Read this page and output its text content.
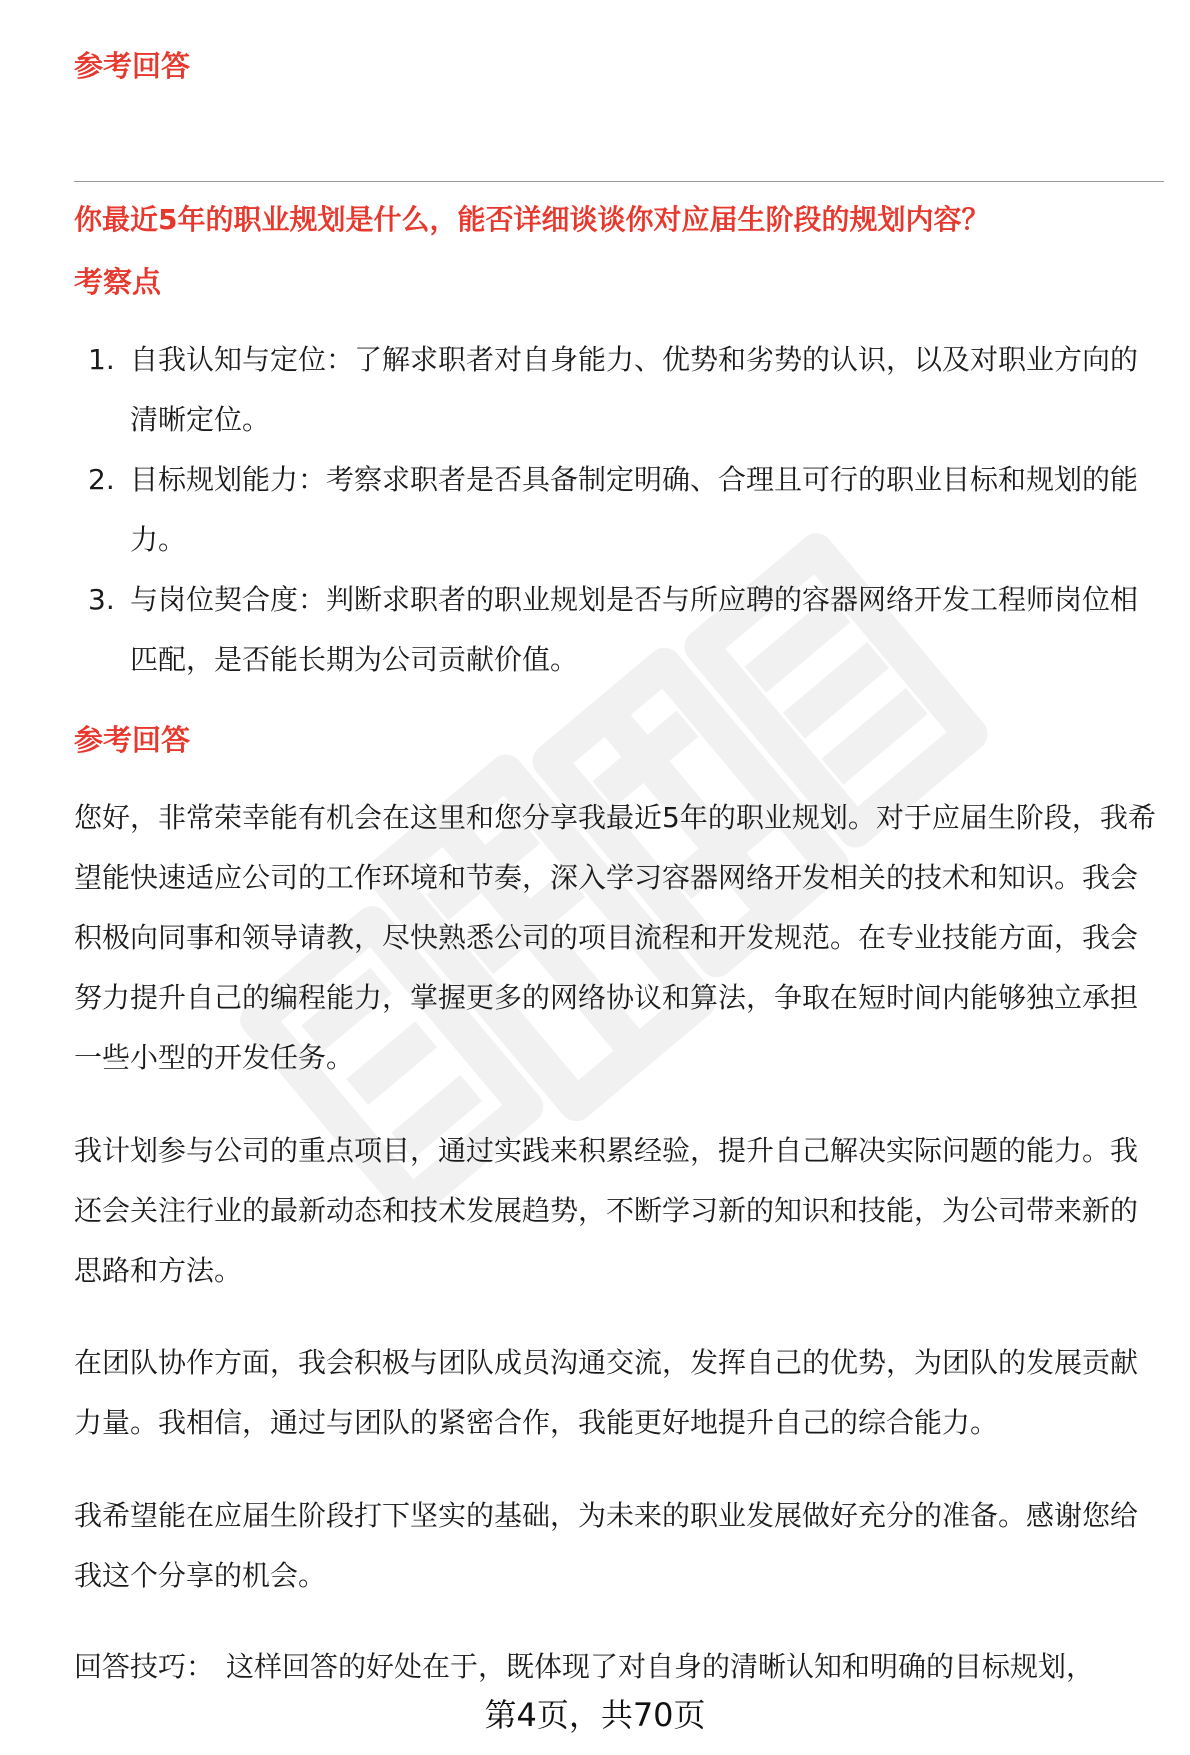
参考回答
你最近5年的职业规划是什么，能否详细谈谈你对应届生阶段的规划内容？
考察点
1. 自我认知与定位：了解求职者对自身能力、优势和劣势的认识，以及对职业方向的清晰定位。
2. 目标规划能力：考察求职者是否具备制定明确、合理且可行的职业目标和规划的能力。
3. 与岗位契合度：判断求职者的职业规划是否与所应聘的容器网络开发工程师岗位相匹配，是否能长期为公司贡献价值。
参考回答

您好，非常荣幸能有机会在这里和您分享我最近5年的职业规划。对于应届生阶段，我希望能快速适应公司的工作环境和节奏，深入学习容器网络开发相关的技术和知识。我会积极向同事和领导请教，尽快熟悉公司的项目流程和开发规范。在专业技能方面，我会努力提升自己的编程能力，掌握更多的网络协议和算法，争取在短时间内能够独立承担一些小型的开发任务。

我计划参与公司的重点项目，通过实践来积累经验，提升自己解决实际问题的能力。我还会关注行业的最新动态和技术发展趋势，不断学习新的知识和技能，为公司带来新的思路和方法。

在团队协作方面，我会积极与团队成员沟通交流，发挥自己的优势，为团队的发展贡献力量。我相信，通过与团队的紧密合作，我能更好地提升自己的综合能力。

我希望能在应届生阶段打下坚实的基础，为未来的职业发展做好充分的准备。感谢您给我这个分享的机会。

回答技巧： 这样回答的好处在于，既体现了对自身的清晰认知和明确的目标规划，

第4页，共70页
